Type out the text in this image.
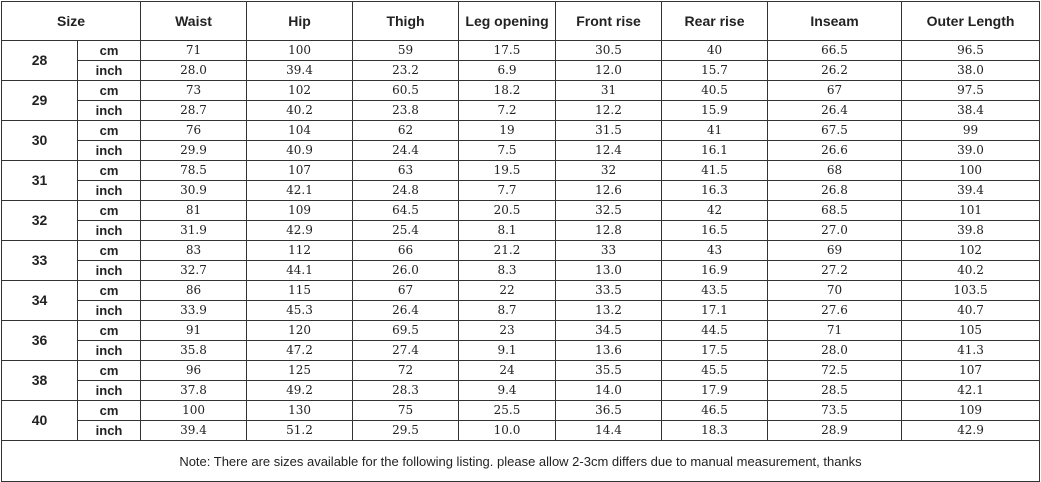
Size		Waist	Hip	Thigh	Leg opening	Front rise	Rear rise	Inseam	Outer Length
28	cm	71	100	59	17.5	30.5	40	66.5	96.5
	inch	28.0	39.4	23.2	6.9	12.0	15.7	26.2	38.0
29	cm	73	102	60.5	18.2	31	40.5	67	97.5
	inch	28.7	40.2	23.8	7.2	12.2	15.9	26.4	38.4
30	cm	76	104	62	19	31.5	41	67.5	99
	inch	29.9	40.9	24.4	7.5	12.4	16.1	26.6	39.0
31	cm	78.5	107	63	19.5	32	41.5	68	100
	inch	30.9	42.1	24.8	7.7	12.6	16.3	26.8	39.4
32	cm	81	109	64.5	20.5	32.5	42	68.5	101
	inch	31.9	42.9	25.4	8.1	12.8	16.5	27.0	39.8
33	cm	83	112	66	21.2	33	43	69	102
	inch	32.7	44.1	26.0	8.3	13.0	16.9	27.2	40.2
34	cm	86	115	67	22	33.5	43.5	70	103.5
	inch	33.9	45.3	26.4	8.7	13.2	17.1	27.6	40.7
36	cm	91	120	69.5	23	34.5	44.5	71	105
	inch	35.8	47.2	27.4	9.1	13.6	17.5	28.0	41.3
38	cm	96	125	72	24	35.5	45.5	72.5	107
	inch	37.8	49.2	28.3	9.4	14.0	17.9	28.5	42.1
40	cm	100	130	75	25.5	36.5	46.5	73.5	109
	inch	39.4	51.2	29.5	10.0	14.4	18.3	28.9	42.9
Note: There are sizes available for the following listing. please allow 2-3cm differs due to manual measurement, thanks									
